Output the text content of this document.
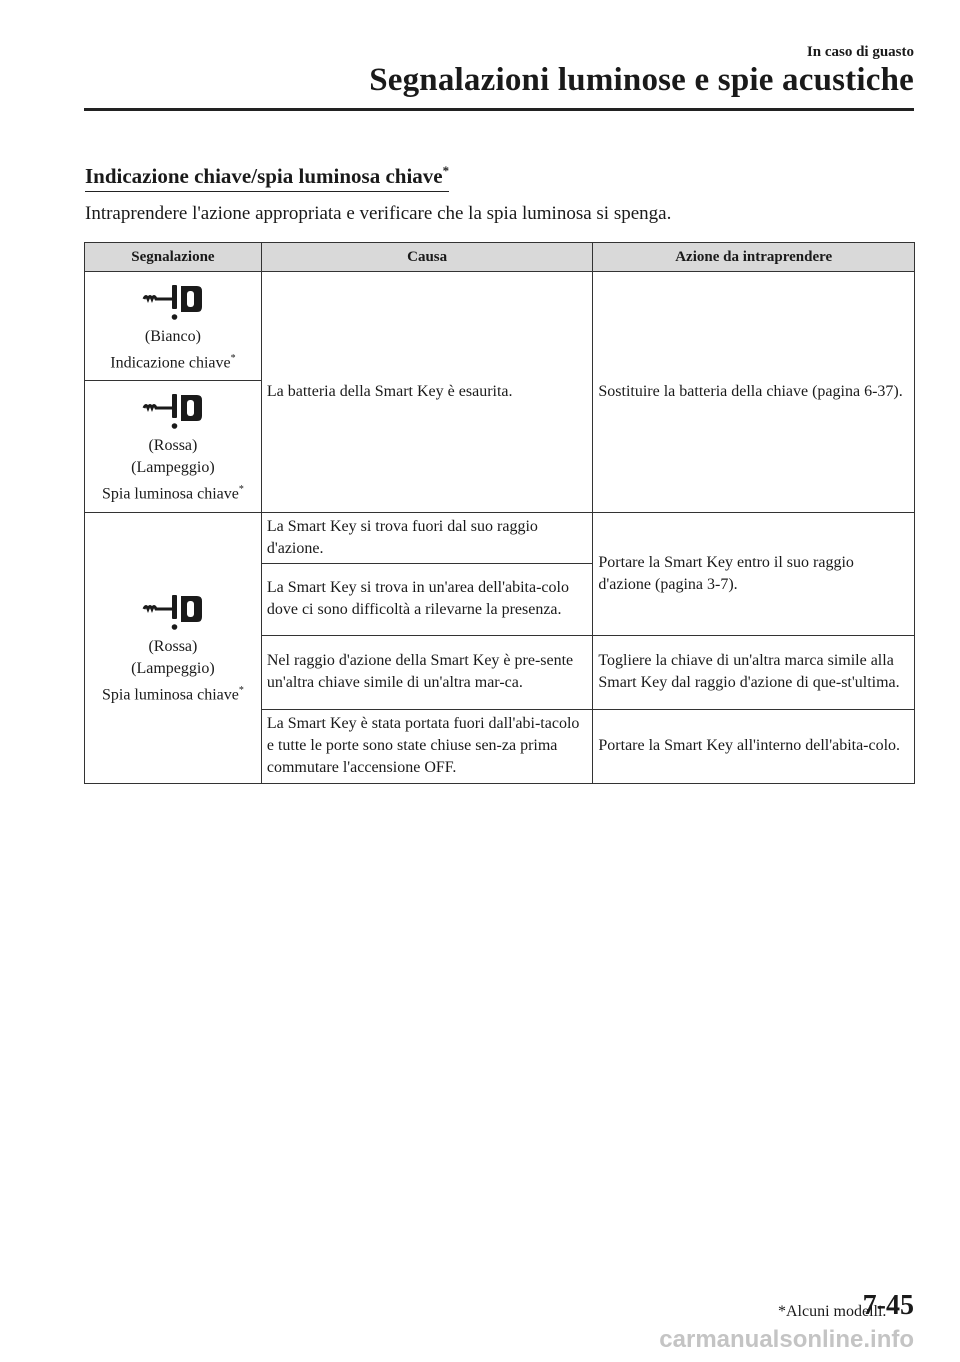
In caso di guasto
Segnalazioni luminose e spie acustiche
Indicazione chiave/spia luminosa chiave*
Intraprendere l'azione appropriata e verificare che la spia luminosa si spenga.
Segnalazione	Causa	Azione da intraprendere

(Bianco)
Indicazione chiave*	La batteria della Smart Key è esaurita.	Sostituire la batteria della chiave (pagina 6-37).

(Rossa)
(Lampeggio)
Spia luminosa chiave*

(Rossa)
(Lampeggio)
Spia luminosa chiave*	La Smart Key si trova fuori dal suo raggio d'azione.	Portare la Smart Key entro il suo raggio d'azione (pagina 3-7).
	La Smart Key si trova in un'area dell'abita-colo dove ci sono difficoltà a rilevarne la presenza.	
	Nel raggio d'azione della Smart Key è pre-sente un'altra chiave simile di un'altra mar-ca.	Togliere la chiave di un'altra marca simile alla Smart Key dal raggio d'azione di que-st'ultima.
	La Smart Key è stata portata fuori dall'abi-tacolo e tutte le porte sono state chiuse sen-za prima commutare l'accensione OFF.	Portare la Smart Key all'interno dell'abita-colo.
*Alcuni modelli.
7-45
carmanualsonline.info
